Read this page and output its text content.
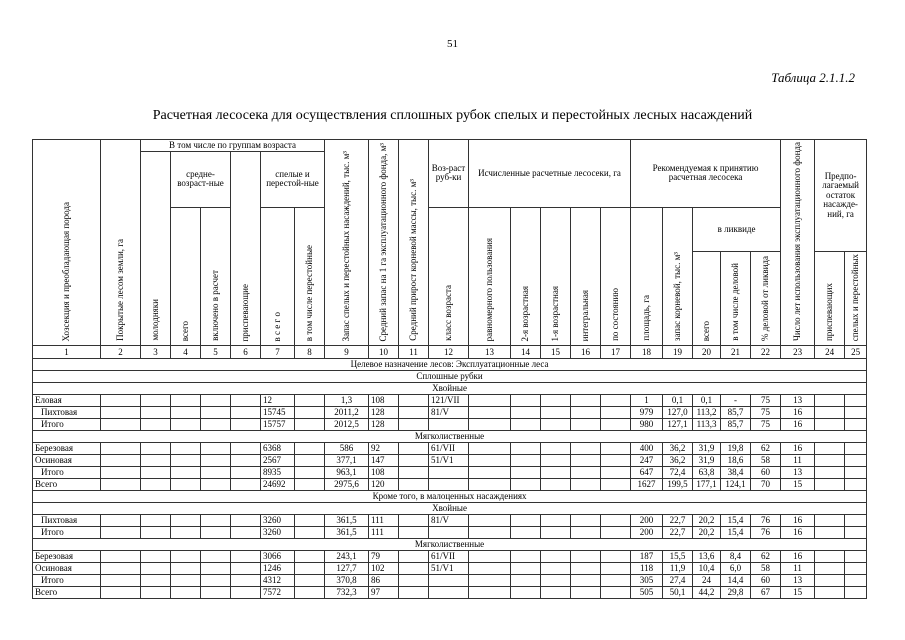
51
Таблица 2.1.1.2
Расчетная лесосека для осуществления сплошных рубок спелых и перестойных лесных насаждений
Хозсекция и преобладающая порода	Покрытые лесом земли, га	В том числе по группам возраста						Запас спелых и перестойных насаждений, тыс. м³	Средний запас на 1 га эксплуатационного фонда, м³	Средний прирост корневой массы, тыс. м³	Воз-раст руб-ки	Исчисленные расчетные лесосеки, га					Рекомендуемая к принятию расчетная лесосека					Число лет использования эксплуатационного фонда	Предпо-лагаемый остаток насажде-ний, га	
		молодняки	средне-возраст-ные		приспевающие	спелые и перестой-ные																		
			всего	включено в расчет		в с е г о	в том числе перестойные				класс возраста	равномерного пользования	2-я возрастная	1-я возрастная	интегральная	по состоянию	площадь, га	запас корневой, тыс. м³	в ликвиде					
																			всего	в том числе деловой	% деловой от ликвида		приспевающих	спелых и перестойных
1	2	3	4	5	6	7	8	9	10	11	12	13	14	15	16	17	18	19	20	21	22	23	24	25
Целевое назначение лесов: Эксплуатационные леса																								
Сплошные рубки																								
Хвойные																								
Еловая						12		1,3	108		121/VII						1	0,1	0,1	-	75	13		
Пихтовая						15745		2011,2	128		81/V						979	127,0	113,2	85,7	75	16		
Итого						15757		2012,5	128								980	127,1	113,3	85,7	75	16		
Мягколиственные																								
Березовая						6368		586	92		61/VII						400	36,2	31,9	19,8	62	16		
Осиновая						2567		377,1	147		51/V1						247	36,2	31,9	18,6	58	11		
Итого						8935		963,1	108								647	72,4	63,8	38,4	60	13		
Всего						24692		2975,6	120								1627	199,5	177,1	124,1	70	15		
Кроме того, в малоценных насаждениях																								
Хвойные																								
Пихтовая						3260		361,5	111		81/V						200	22,7	20,2	15,4	76	16		
Итого						3260		361,5	111								200	22,7	20,2	15,4	76	16		
Мягколиственные																								
Березовая						3066		243,1	79		61/VII						187	15,5	13,6	8,4	62	16		
Осиновая						1246		127,7	102		51/V1						118	11,9	10,4	6,0	58	11		
Итого						4312		370,8	86								305	27,4	24	14,4	60	13		
Всего						7572		732,3	97								505	50,1	44,2	29,8	67	15		
